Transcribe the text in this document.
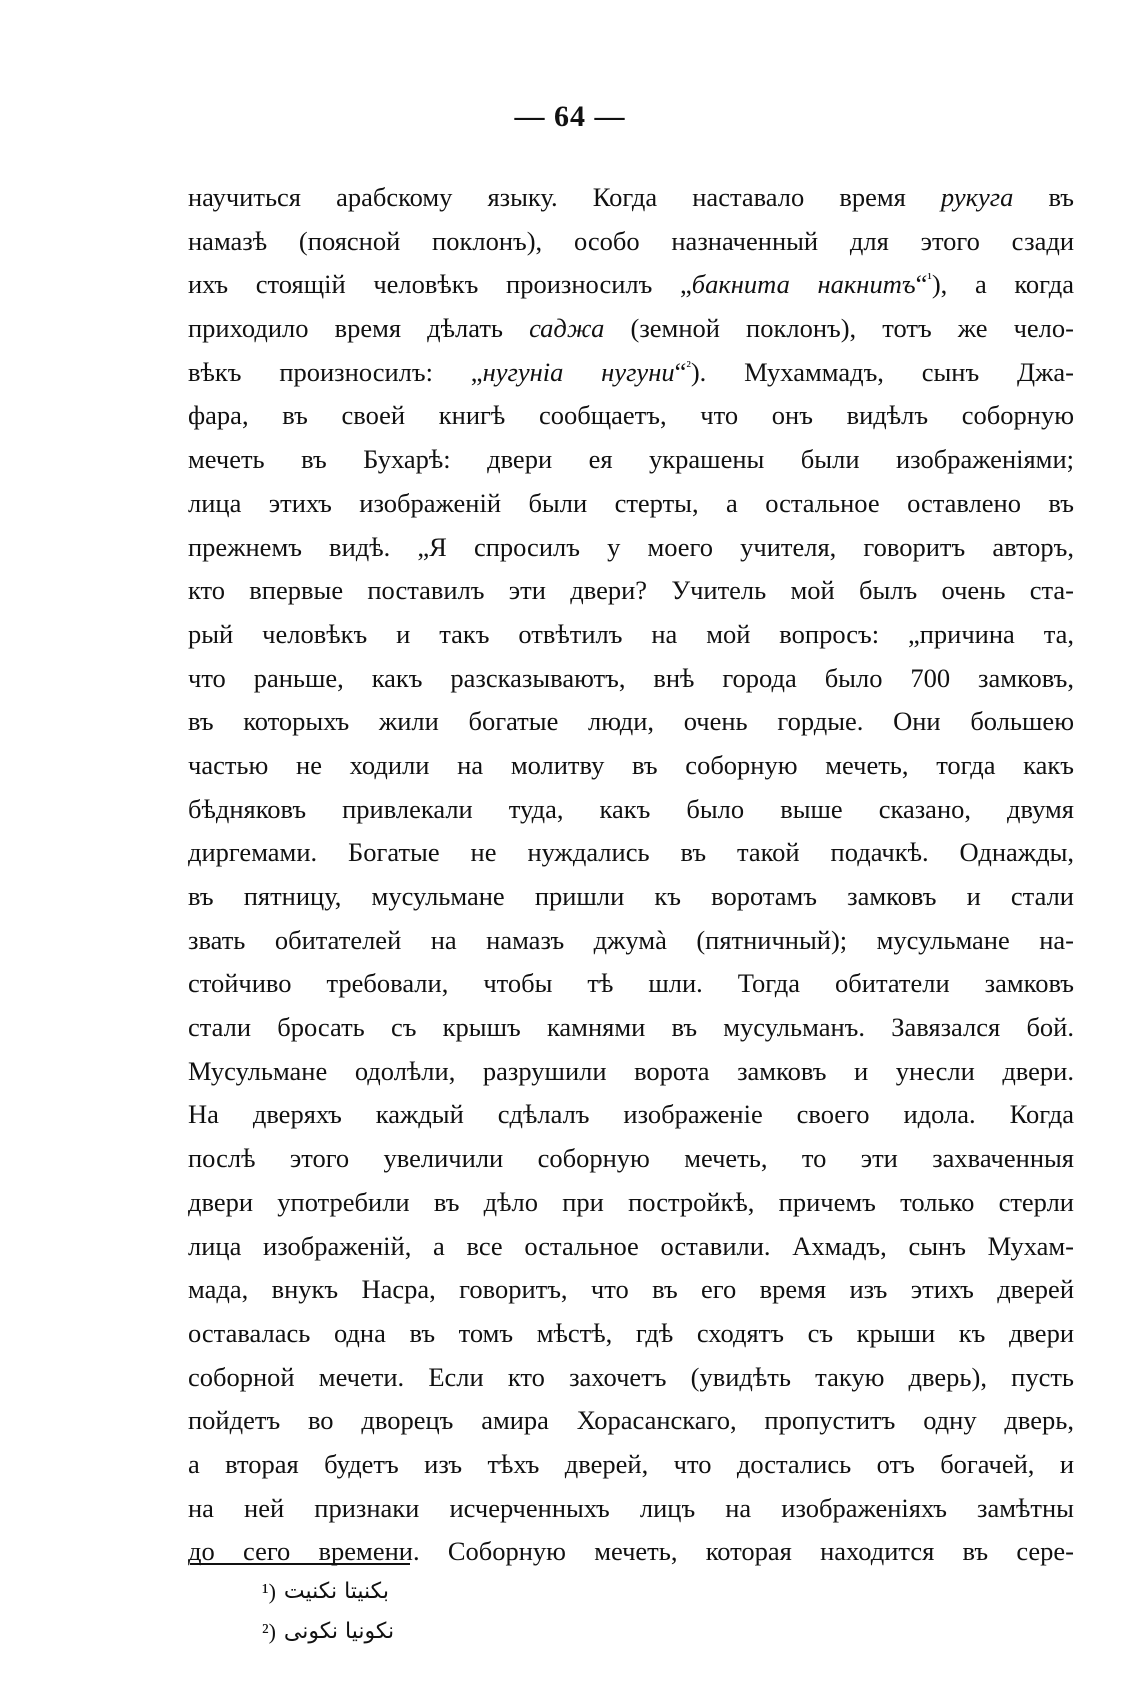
— 64 —
научиться арабскому языку. Когда наставало время рукуга въ
намазѣ (поясной поклонъ), особо назначенный для этого сзади
ихъ стоящій человѣкъ произносилъ „бакнита накнитъ“$^{^1}$), а когда
приходило время дѣлать саджа (земной поклонъ), тотъ же чело-
вѣкъ произносилъ: „нугуніа нугуни“$^{^2}$). Мухаммадъ, сынъ Джа-
фара, въ своей книгѣ сообщаетъ, что онъ видѣлъ соборную
мечеть въ Бухарѣ: двери ея украшены были изображеніями;
лица этихъ изображеній были стерты, а остальное оставлено въ
прежнемъ видѣ. „Я спросилъ у моего учителя, говоритъ авторъ,
кто впервые поставилъ эти двери? Учитель мой былъ очень ста-
рый человѣкъ и такъ отвѣтилъ на мой вопросъ: „причина та,
что раньше, какъ разсказываютъ, внѣ города было 700 замковъ,
въ которыхъ жили богатые люди, очень гордые. Они большею
частью не ходили на молитву въ соборную мечеть, тогда какъ
бѣдняковъ привлекали туда, какъ было выше сказано, двумя
диргемами. Богатые не нуждались въ такой подачкѣ. Однажды,
въ пятницу, мусульмане пришли къ воротамъ замковъ и стали
звать обитателей на намазъ джумà (пятничный); мусульмане на-
стойчиво требовали, чтобы тѣ шли. Тогда обитатели замковъ
стали бросать съ крышъ камнями въ мусульманъ. Завязался бой.
Мусульмане одолѣли, разрушили ворота замковъ и унесли двери.
На дверяхъ каждый сдѣлалъ изображеніе своего идола. Когда
послѣ этого увеличили соборную мечеть, то эти захваченныя
двери употребили въ дѣло при постройкѣ, причемъ только стерли
лица изображеній, а все остальное оставили. Ахмадъ, сынъ Мухам-
мада, внукъ Насра, говоритъ, что въ его время изъ этихъ дверей
оставалась одна въ томъ мѣстѣ, гдѣ сходятъ съ крыши къ двери
соборной мечети. Если кто захочетъ (увидѣть такую дверь), пусть
пойдетъ во дворецъ амира Хорасанскаго, пропуститъ одну дверь,
а вторая будетъ изъ тѣхъ дверей, что достались отъ богачей, и
на ней признаки исчерченныхъ лицъ на изображеніяхъ замѣтны
до сего времени. Соборную мечеть, которая находится въ сере-
¹) بكنيتا نكنيت
²) نكونيا نكونى
